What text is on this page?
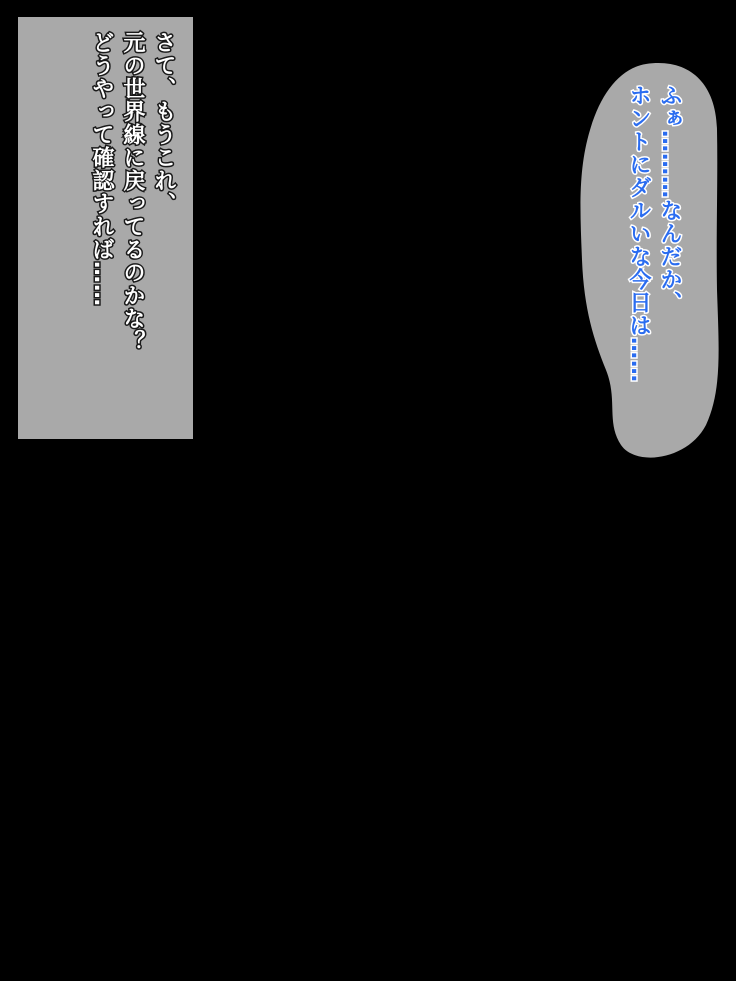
さて、もうこれ、
元の世界線に戻ってるのかな？
どうやって確認すれば……	ふぁ………なんだか、
ホントにダルいな今日は……
